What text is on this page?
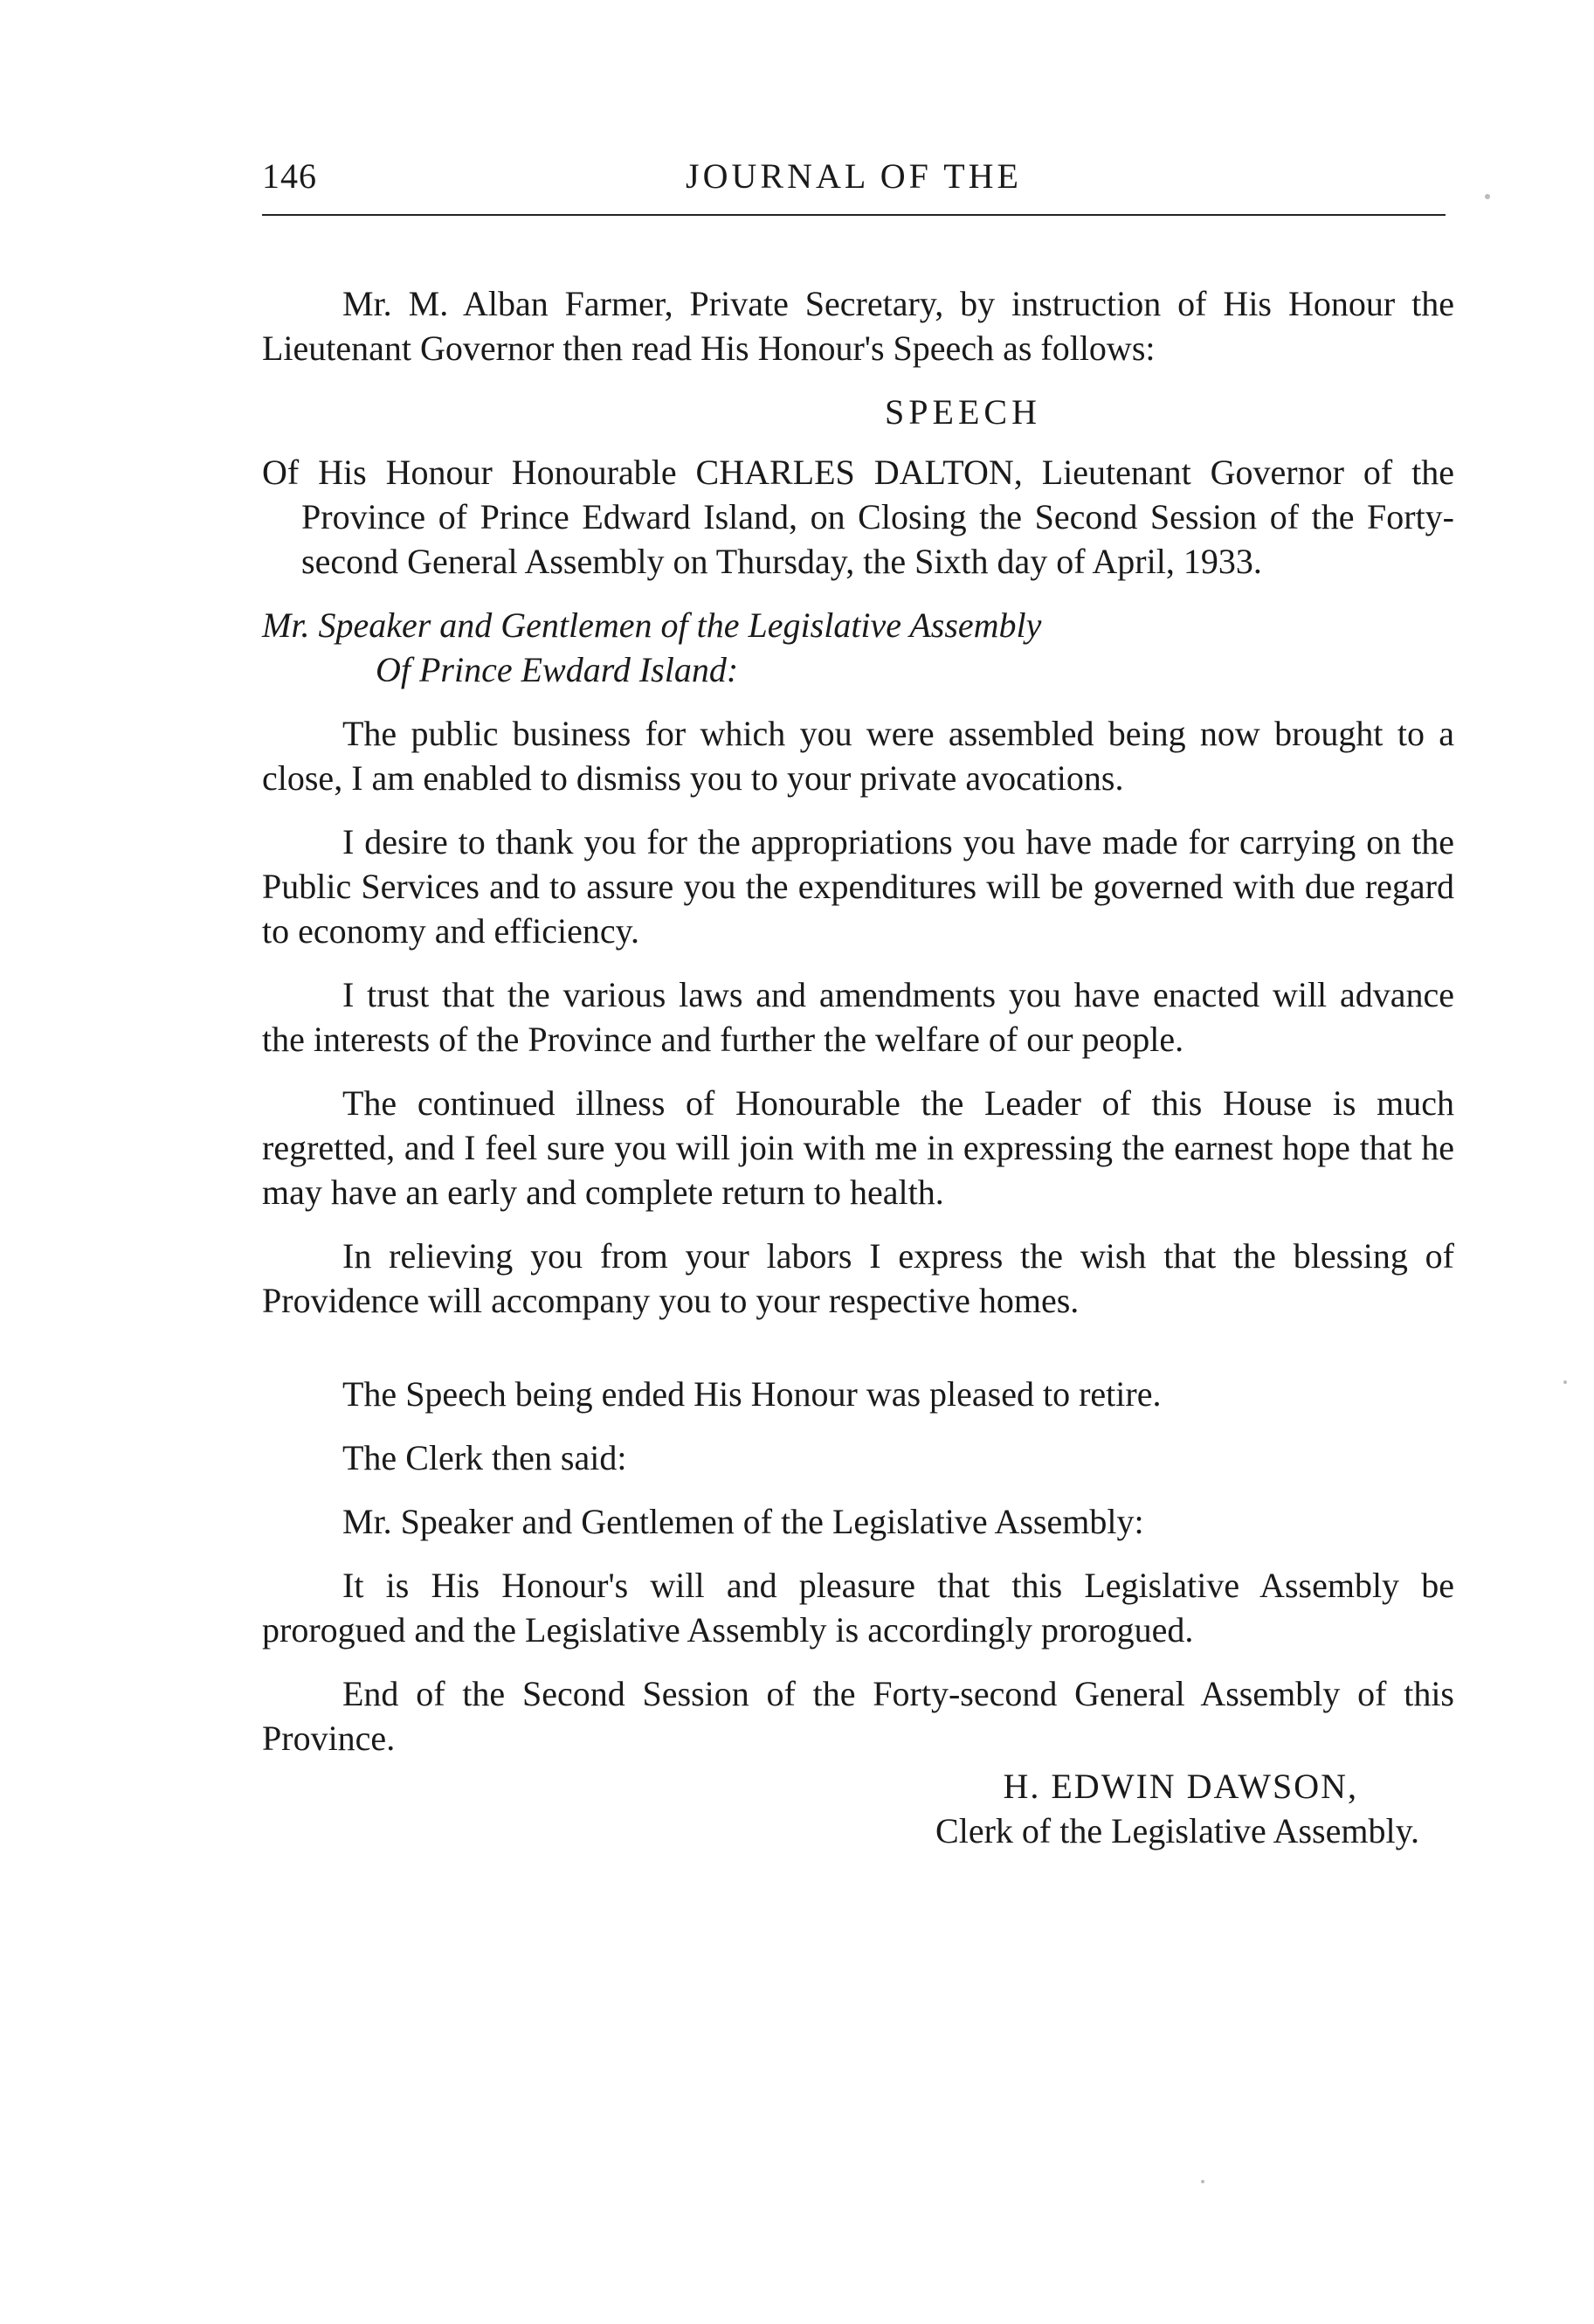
146	JOURNAL OF THE

Mr. M. Alban Farmer, Private Secretary, by instruction of His Honour the Lieutenant Governor then read His Honour's Speech as follows:

SPEECH

Of His Honour Honourable CHARLES DALTON, Lieutenant Governor of the Province of Prince Edward Island, on Closing the Second Session of the Forty-second General Assembly on Thursday, the Sixth day of April, 1933.

Mr. Speaker and Gentlemen of the Legislative Assembly

Of Prince Ewdard Island:

The public business for which you were assembled being now brought to a close, I am enabled to dismiss you to your private avocations.

I desire to thank you for the appropriations you have made for carrying on the Public Services and to assure you the expenditures will be governed with due regard to economy and efficiency.

I trust that the various laws and amendments you have enacted will advance the interests of the Province and further the welfare of our people.

The continued illness of Honourable the Leader of this House is much regretted, and I feel sure you will join with me in expressing the earnest hope that he may have an early and complete return to health.

In relieving you from your labors I express the wish that the blessing of Providence will accompany you to your respective homes.

The Speech being ended His Honour was pleased to retire.

The Clerk then said:

Mr. Speaker and Gentlemen of the Legislative Assembly:

It is His Honour's will and pleasure that this Legislative Assembly be prorogued and the Legislative Assembly is accordingly prorogued.

End of the Second Session of the Forty-second General Assembly of this Province.

H. EDWIN DAWSON,

Clerk of the Legislative Assembly.
